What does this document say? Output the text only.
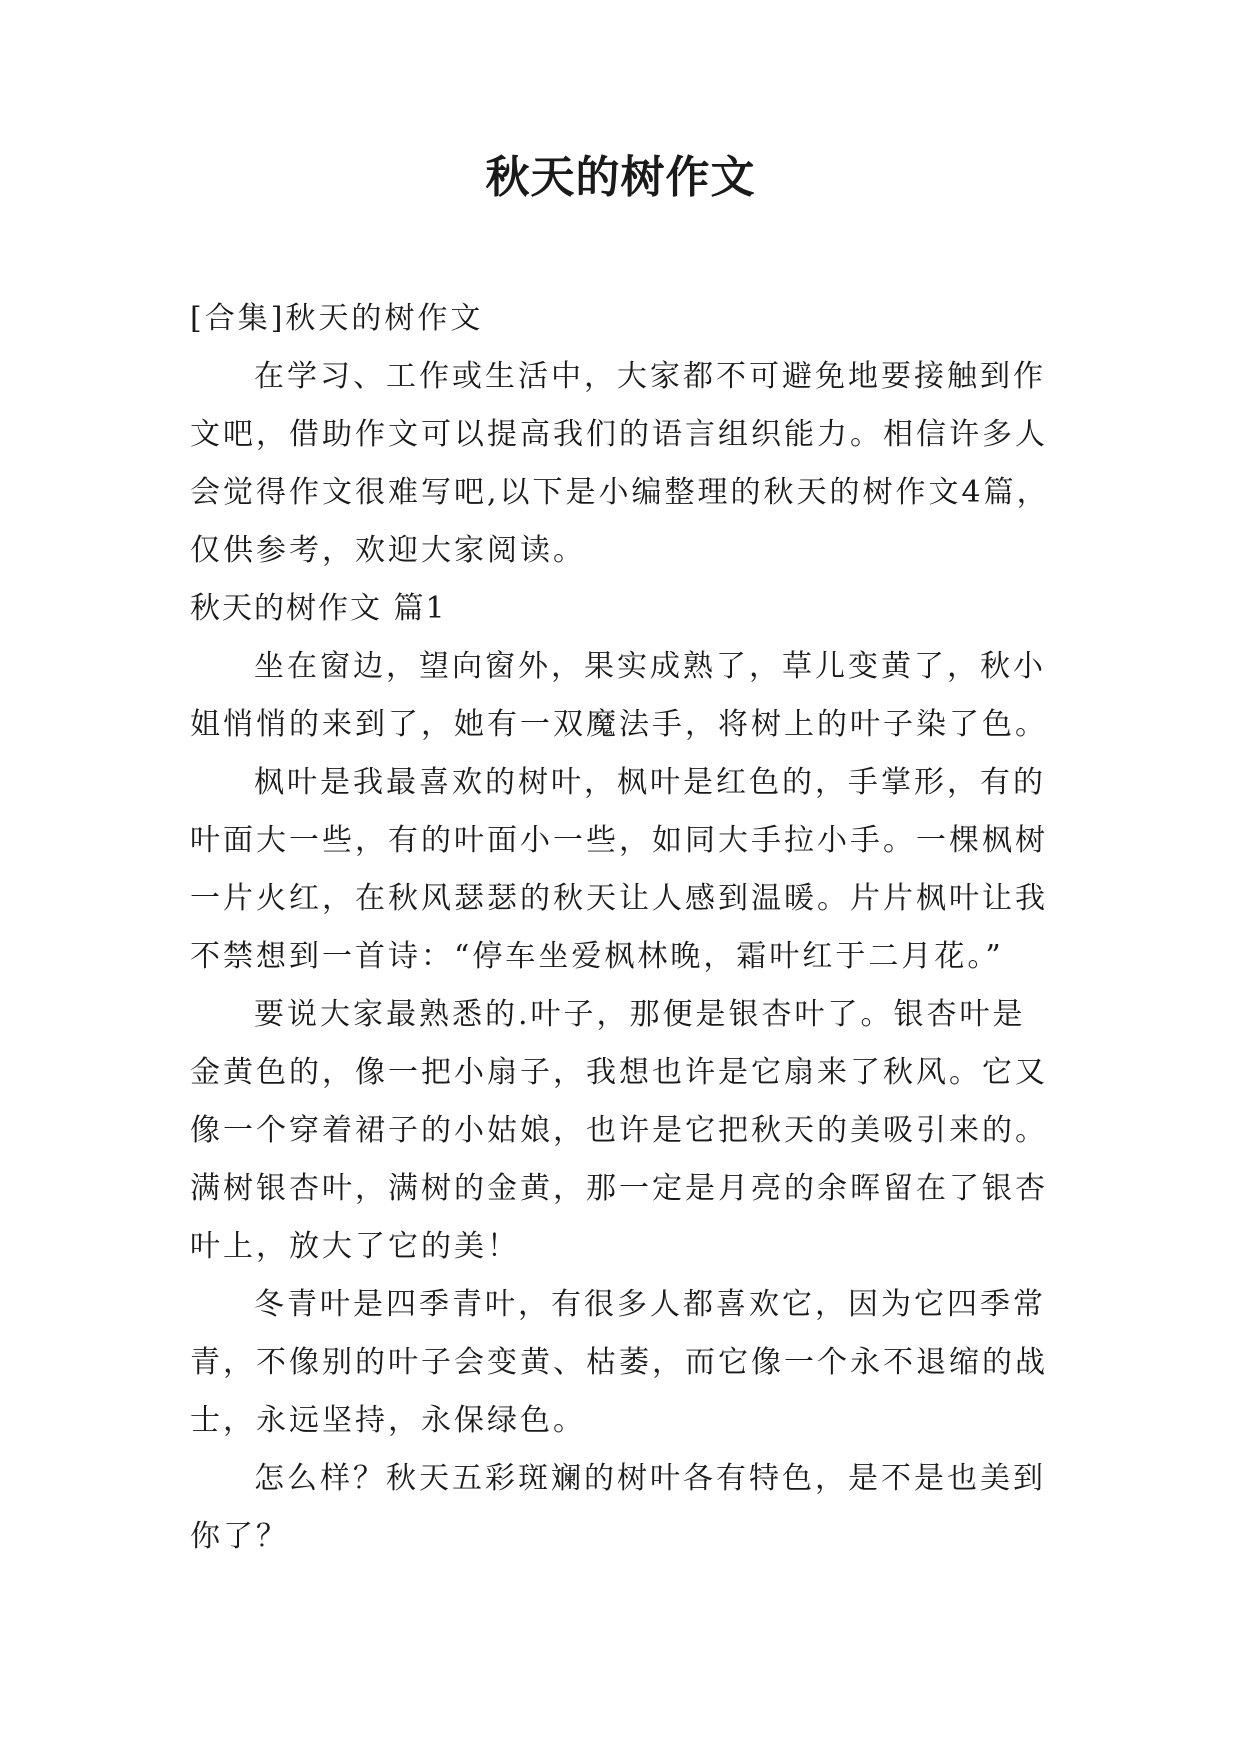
秋天的树作文

[合集]秋天的树作文

在学习、工作或生活中，大家都不可避免地要接触到作

文吧，借助作文可以提高我们的语言组织能力。相信许多人

会觉得作文很难写吧,以下是小编整理的秋天的树作文4篇，

仅供参考，欢迎大家阅读。

秋天的树作文 篇1

坐在窗边，望向窗外，果实成熟了，草儿变黄了，秋小

姐悄悄的来到了，她有一双魔法手，将树上的叶子染了色。

枫叶是我最喜欢的树叶，枫叶是红色的，手掌形，有的

叶面大一些，有的叶面小一些，如同大手拉小手。一棵枫树

一片火红，在秋风瑟瑟的秋天让人感到温暖。片片枫叶让我

不禁想到一首诗：“停车坐爱枫林晚，霜叶红于二月花。”

要说大家最熟悉的.叶子，那便是银杏叶了。银杏叶是

金黄色的，像一把小扇子，我想也许是它扇来了秋风。它又

像一个穿着裙子的小姑娘，也许是它把秋天的美吸引来的。

满树银杏叶，满树的金黄，那一定是月亮的余晖留在了银杏

叶上，放大了它的美！

冬青叶是四季青叶，有很多人都喜欢它，因为它四季常

青，不像别的叶子会变黄、枯萎，而它像一个永不退缩的战

士，永远坚持，永保绿色。

怎么样？秋天五彩斑斓的树叶各有特色，是不是也美到

你了？
